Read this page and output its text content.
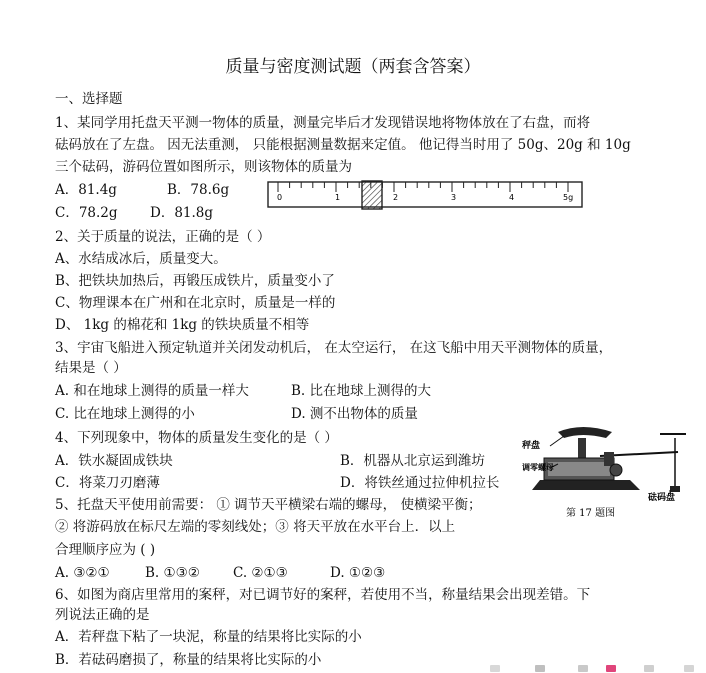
质量与密度测试题（两套含答案）
一、选择题
1、某同学用托盘天平测一物体的质量，测量完毕后才发现错误地将物体放在了右盘，而将
砝码放在了左盘。 因无法重测， 只能根据测量数据来定值。 他记得当时用了 50g、20g 和 10g
三个砝码，游码位置如图所示，则该物体的质量为
A．81.4g	B．78.6g
C．78.2g D．81.8g
0	1	2	3	4	5g
2、关于质量的说法，正确的是（ ）
A、水结成冰后，质量变大。
B、把铁块加热后，再锻压成铁片，质量变小了
C、物理课本在广州和在北京时，质量是一样的
D、 1kg 的棉花和 1kg 的铁块质量不相等
3、宇宙飞船进入预定轨道并关闭发动机后， 在太空运行， 在这飞船中用天平测物体的质量，
结果是（ ）
A. 和在地球上测得的质量一样大	B. 比在地球上测得的大
C. 比在地球上测得的小	D. 测不出物体的质量
4、下列现象中，物体的质量发生变化的是（ ）
A．铁水凝固成铁块	B．机器从北京运到潍坊
C．将菜刀刃磨薄	D．将铁丝通过拉伸机拉长
5、托盘天平使用前需要： ① 调节天平横梁右端的螺母， 使横梁平衡；
② 将游码放在标尺左端的零刻线处；③ 将天平放在水平台上．以上
合理顺序应为 ( )
A. ③②①	B. ①③② C. ②①③	D. ①②③
秤盘
调零螺母
砝码盘
第 17 题图
6、如图为商店里常用的案秤，对已调节好的案秤，若使用不当，称量结果会出现差错。下
列说法正确的是
A．若秤盘下粘了一块泥，称量的结果将比实际的小
B．若砝码磨损了，称量的结果将比实际的小
